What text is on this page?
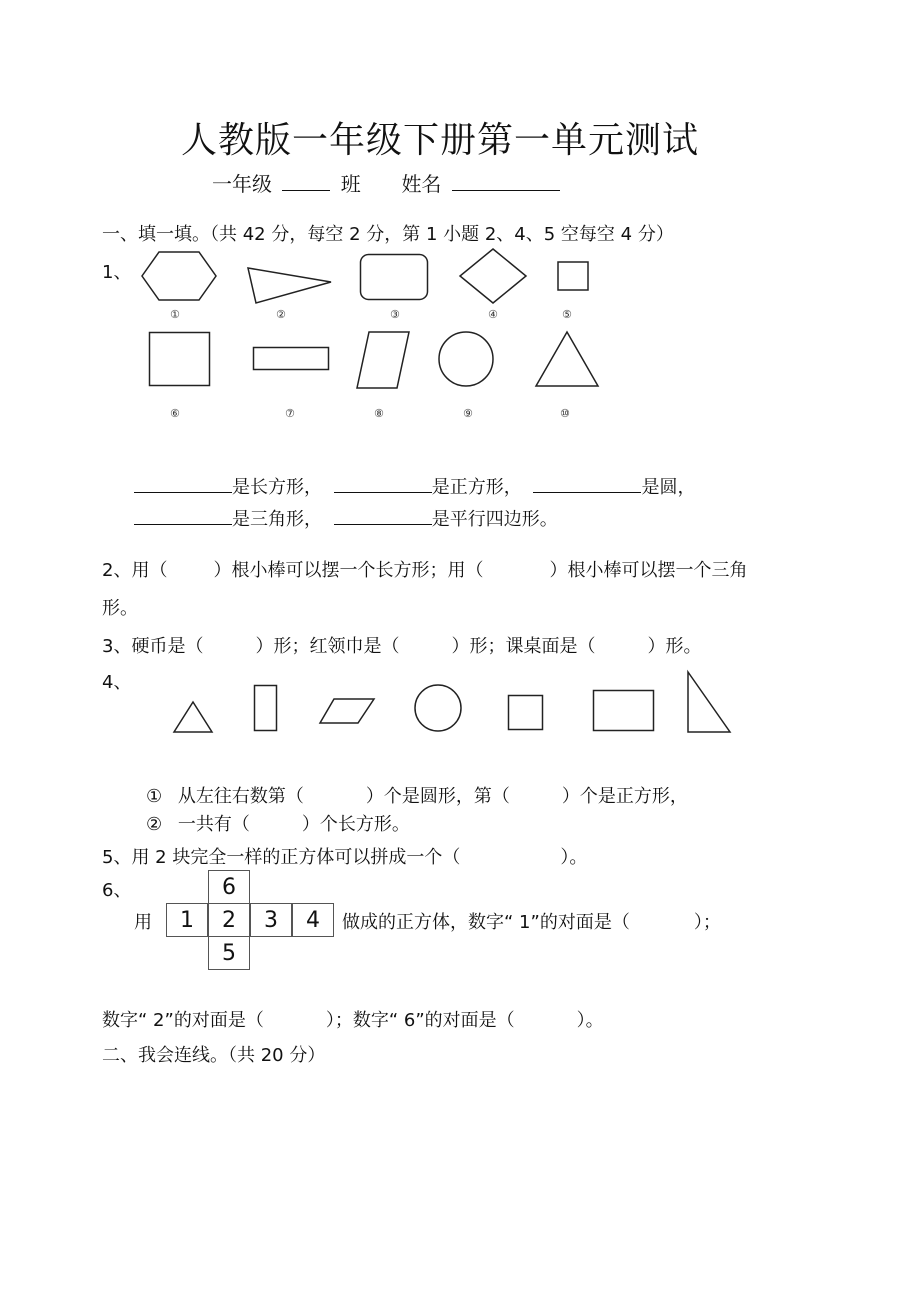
人教版一年级下册第一单元测试
一年级	班 姓名
一、填一填。（共 42 分，每空 2 分，第 1 小题 2、4、5 空每空 4 分）
1、
①	②	③	④	⑤
⑥	⑦	⑧	⑨	⑩
是长方形，	是正方形，	是圆，
是三角形，	是平行四边形。
2、用（	）根小棒可以摆一个长方形；用（	）根小棒可以摆一个三角
形。
3、硬币是（	）形；红领巾是（	）形；课桌面是（	）形。
4、
① 从左往右数第（	）个是圆形，第（	）个是正方形，
② 一共有（	）个长方形。
5、用 2 块完全一样的正方体可以拼成一个（	）。
6、
用
6
1	2	3	4
5
做成的正方体，数字“ 1”的对面是（	）；
数字“ 2”的对面是（	）；数字“ 6”的对面是（	）。
二、我会连线。（共 20 分）
